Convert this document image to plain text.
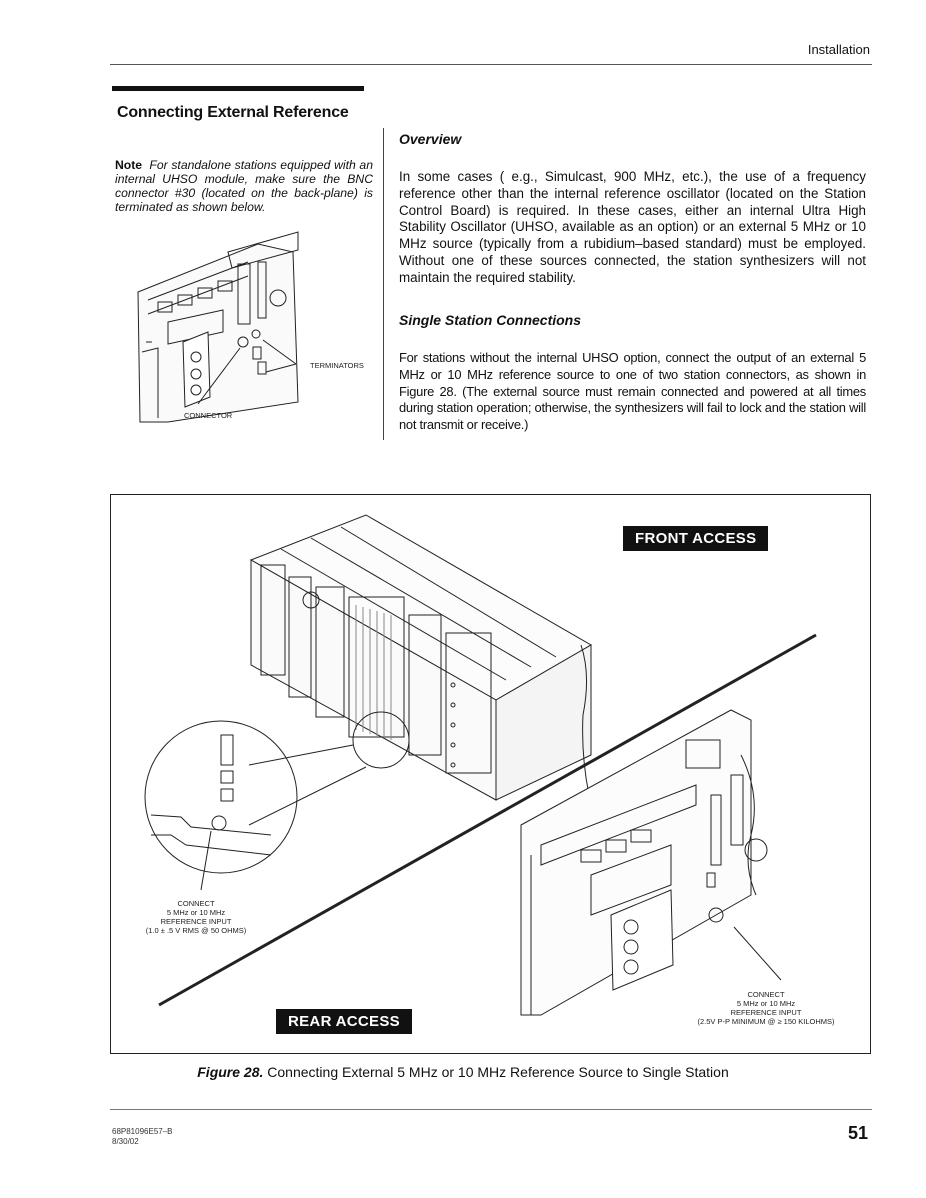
Installation
Connecting External Reference
Note For standalone stations equipped with an internal UHSO module, make sure the BNC connector #30 (located on the back-plane) is terminated as shown below.
TERMINATORS
CONNECTOR
Overview
In some cases ( e.g., Simulcast, 900 MHz, etc.), the use of a frequency reference other than the internal reference oscillator (located on the Station Control Board) is required. In these cases, either an internal Ultra High Stability Oscillator (UHSO, available as an option) or an external 5 MHz or 10 MHz source (typically from a rubidium–based standard) must be employed. Without one of these sources connected, the station synthesizers will not maintain the required stability.
Single Station Connections
For stations without the internal UHSO option, connect the output of an external 5 MHz or 10 MHz reference source to one of two station connectors, as shown in Figure 28. (The external source must remain connected and powered at all times during station operation; otherwise, the synthesizers will fail to lock and the station will not transmit or receive.)
FRONT ACCESS
REAR ACCESS
CONNECT
5 MHz or 10 MHz
REFERENCE INPUT
(1.0 ± .5 V RMS @ 50 OHMS)
CONNECT
5 MHz or 10 MHz
REFERENCE INPUT
(2.5V P-P MINIMUM @ ≥ 150 KILOHMS)
Figure 28. Connecting External 5 MHz or 10 MHz Reference Source to Single Station
68P81096E57–B
8/30/02	51
